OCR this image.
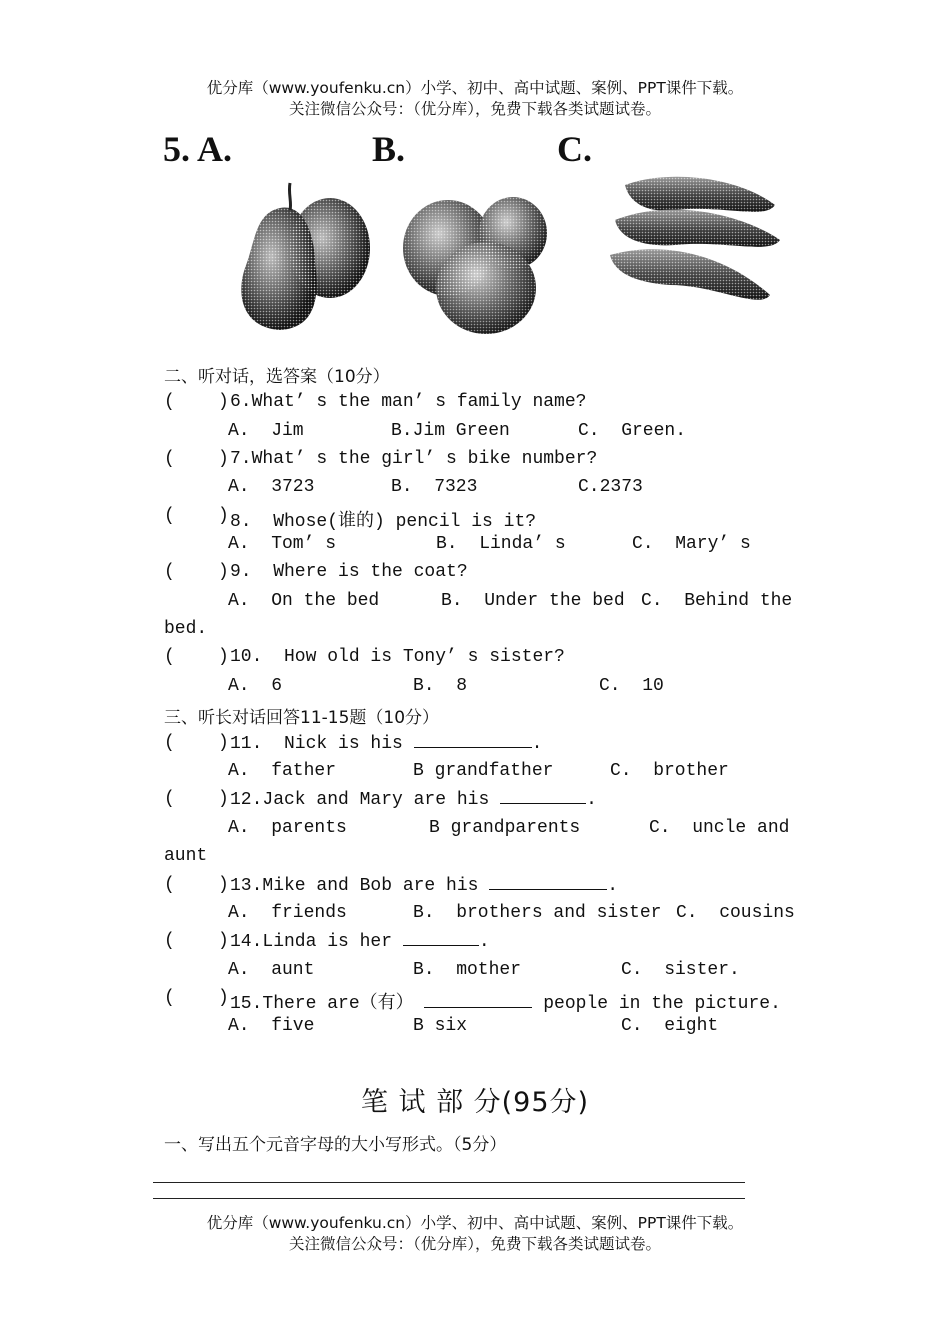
优分库（www.youfenku.cn）小学、初中、高中试题、案例、PPT课件下载。
关注微信公众号：（优分库），免费下载各类试题试卷。
5. A.	B.	C.
二、听对话，选答案（10分）
(    ) 6.What’ s the man’ s family name?
A.  Jim	B.Jim Green	C.  Green.
(    ) 7.What’ s the girl’ s bike number?
A.  3723	B.  7323	C.2373
(    ) 8.  Whose(谁的) pencil is it?
A.  Tom’ s	B.  Linda’ s	C.  Mary’ s
(    ) 9.  Where is the coat?
A.  On the bed	B.  Under the bed C.  Behind the
bed.
(    ) 10.  How old is Tony’ s sister?
A.  6	B.  8	C.  10
三、听长对话回答11-15题（10分）
(    ) 11.  Nick is his	.
A.  father	B grandfather	C.  brother
(    ) 12.Jack and Mary are his	.
A.  parents	B grandparents	C.  uncle and
aunt
(    ) 13.Mike and Bob are his	.
A.  friends	B.  brothers and sister C.  cousins
(    ) 14.Linda is her	.
A.  aunt	B.  mother	C.  sister.
(    ) 15.There are（有）	people in the picture.
A.  five	B six	C.  eight
笔 试 部 分(95分)
一、写出五个元音字母的大小写形式。（5分）
优分库（www.youfenku.cn）小学、初中、高中试题、案例、PPT课件下载。
关注微信公众号：（优分库），免费下载各类试题试卷。
